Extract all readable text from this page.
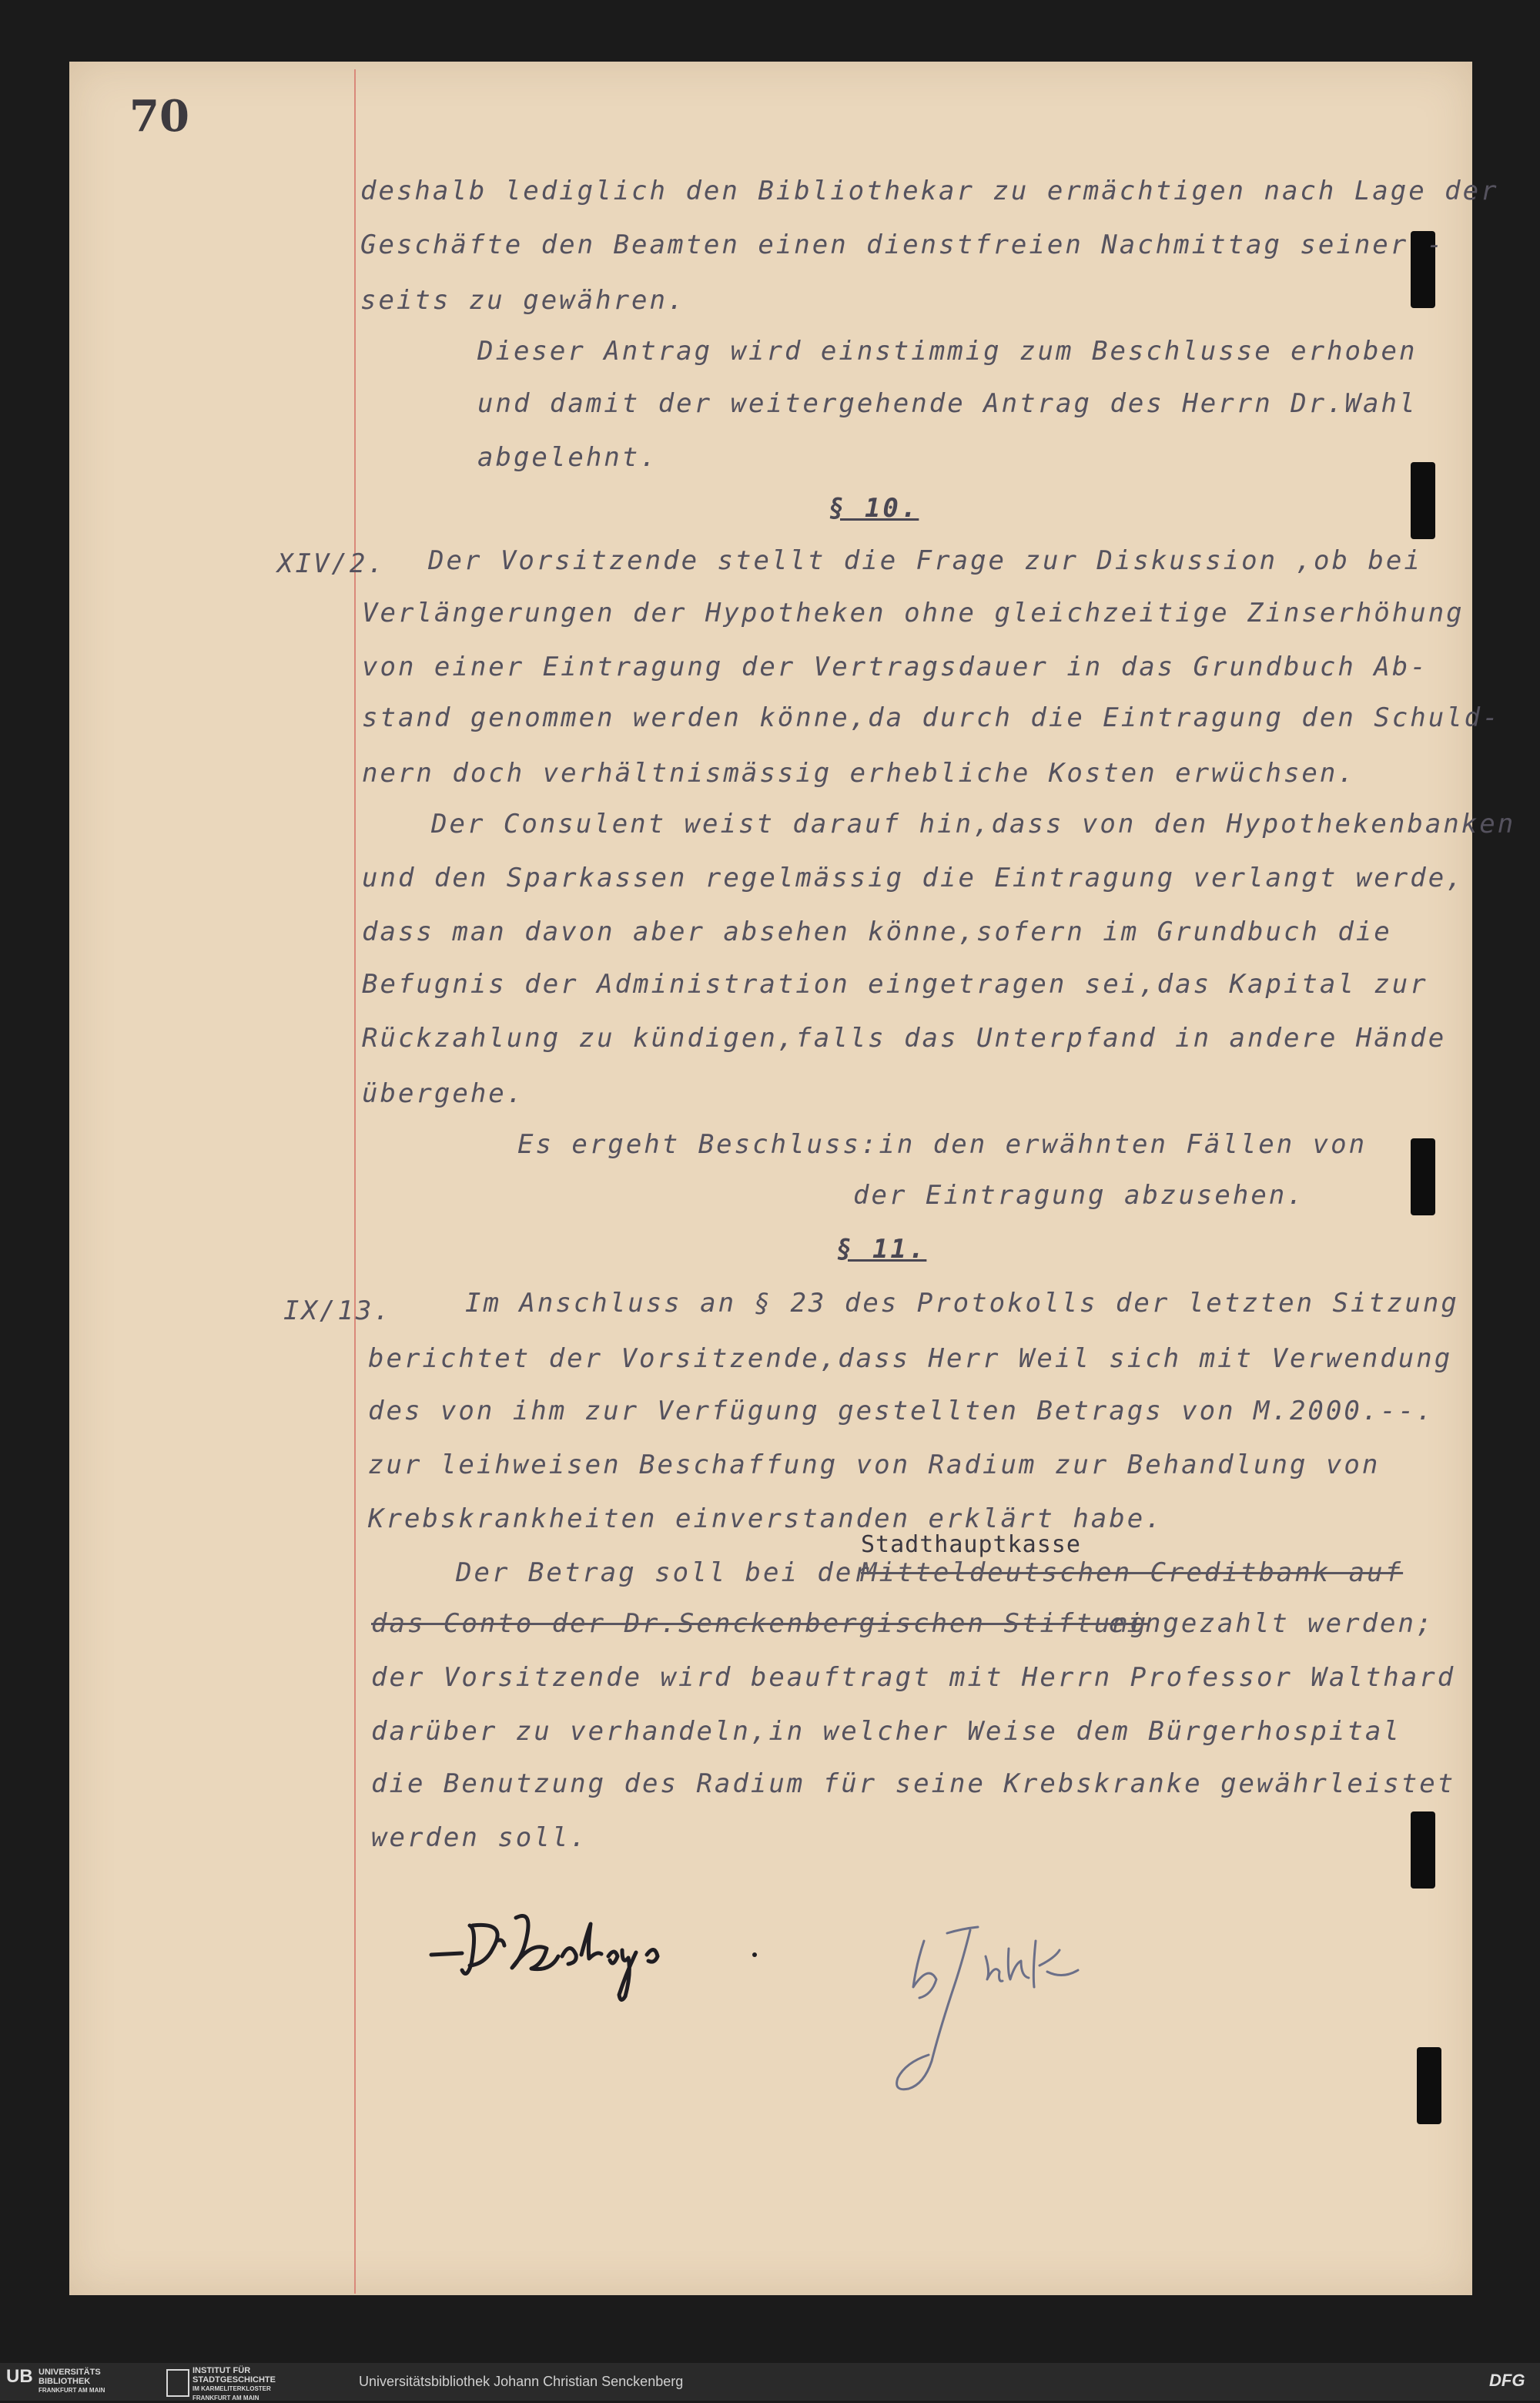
70
deshalb lediglich den Bibliothekar zu ermächtigen nach Lage der
Geschäfte den Beamten einen dienstfreien Nachmittag seiner -
seits zu gewähren.
Dieser Antrag wird einstimmig zum Beschlusse erhoben
und damit der weitergehende Antrag des Herrn Dr.Wahl
abgelehnt.
§ 10.
XIV/2. Der Vorsitzende stellt die Frage zur Diskussion ,ob bei
Verlängerungen der Hypotheken ohne gleichzeitige Zinserhöhung
von einer Eintragung der Vertragsdauer in das Grundbuch Ab-
stand genommen werden könne,da durch die Eintragung den Schuld-
nern doch verhältnismässig erhebliche Kosten erwüchsen.
Der Consulent weist darauf hin,dass von den Hypothekenbanken
und den Sparkassen regelmässig die Eintragung verlangt werde,
dass man davon aber absehen könne,sofern im Grundbuch die
Befugnis der Administration eingetragen sei,das Kapital zur
Rückzahlung zu kündigen,falls das Unterpfand in andere Hände
übergehe.
Es ergeht Beschluss:in den erwähnten Fällen von
der Eintragung abzusehen.
§ 11.
IX/13.	Im Anschluss an § 23 des Protokolls der letzten Sitzung
berichtet der Vorsitzende,dass Herr Weil sich mit Verwendung
des von ihm zur Verfügung gestellten Betrags von M.2000.--.
zur leihweisen Beschaffung von Radium zur Behandlung von
Krebskrankheiten einverstanden erklärt habe.
Stadthauptkasse
Der Betrag soll bei der
Mitteldeutschen Creditbank auf
das Conto der Dr.Senckenbergischen Stiftung
eingezahlt werden;
der Vorsitzende wird beauftragt mit Herrn Professor Walthard
darüber zu verhandeln,in welcher Weise dem Bürgerhospital
die Benutzung des Radium für seine Krebskranke gewährleistet
werden soll.
UB UNIVERSITÄTS
BIBLIOTHEK
FRANKFURT AM MAIN
INSTITUT FÜR
STADTGESCHICHTE
IM KARMELITERKLOSTER
FRANKFURT AM MAIN
Universitätsbibliothek Johann Christian Senckenberg	DFG
